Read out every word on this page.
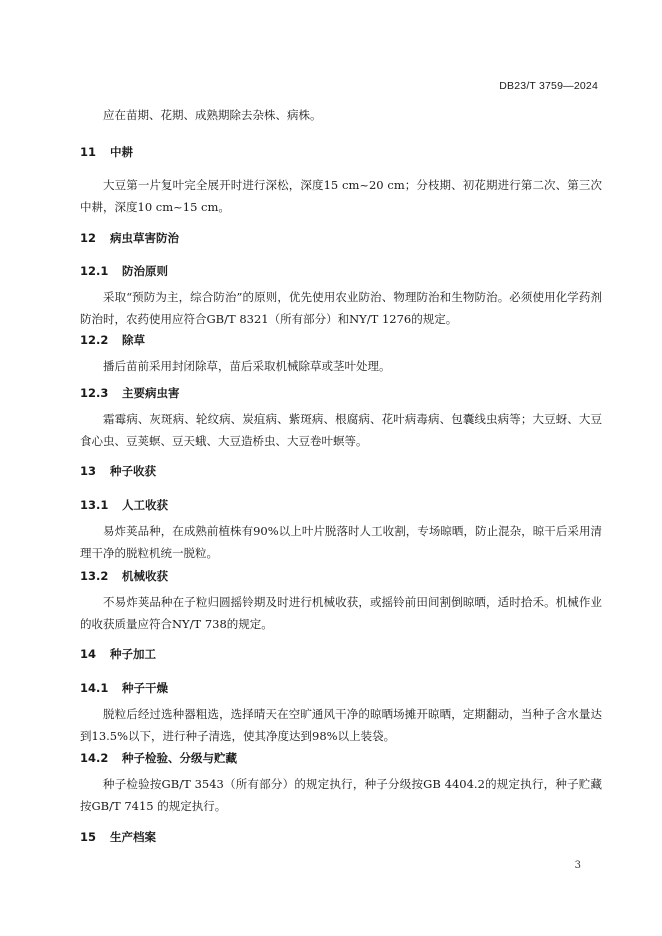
DB23/T 3759—2024

应在苗期、花期、成熟期除去杂株、病株。

11	中耕

大豆第一片复叶完全展开时进行深松，深度15 cm~20 cm；分枝期、初花期进行第二次、第三次中耕，深度10 cm~15 cm。

12	病虫草害防治
12.1	防治原则

采取“预防为主，综合防治”的原则，优先使用农业防治、物理防治和生物防治。必须使用化学药剂防治时，农药使用应符合GB/T 8321（所有部分）和NY/T 1276的规定。

12.2	除草

播后苗前采用封闭除草，苗后采取机械除草或茎叶处理。

12.3	主要病虫害

霜霉病、灰斑病、轮纹病、炭疽病、紫斑病、根腐病、花叶病毒病、包囊线虫病等；大豆蚜、大豆食心虫、豆荚螟、豆天蛾、大豆造桥虫、大豆卷叶螟等。

13	种子收获
13.1	人工收获

易炸荚品种，在成熟前植株有90%以上叶片脱落时人工收割，专场晾晒，防止混杂，晾干后采用清理干净的脱粒机统一脱粒。

13.2	机械收获

不易炸荚品种在子粒归圆摇铃期及时进行机械收获，或摇铃前田间割倒晾晒，适时拾禾。机械作业的收获质量应符合NY/T 738的规定。

14	种子加工
14.1	种子干燥

脱粒后经过选种器粗选，选择晴天在空旷通风干净的晾晒场摊开晾晒，定期翻动，当种子含水量达到13.5%以下，进行种子清选，使其净度达到98%以上装袋。

14.2	种子检验、分级与贮藏

种子检验按GB/T 3543（所有部分）的规定执行，种子分级按GB 4404.2的规定执行，种子贮藏按GB/T 7415 的规定执行。

15	生产档案
3
